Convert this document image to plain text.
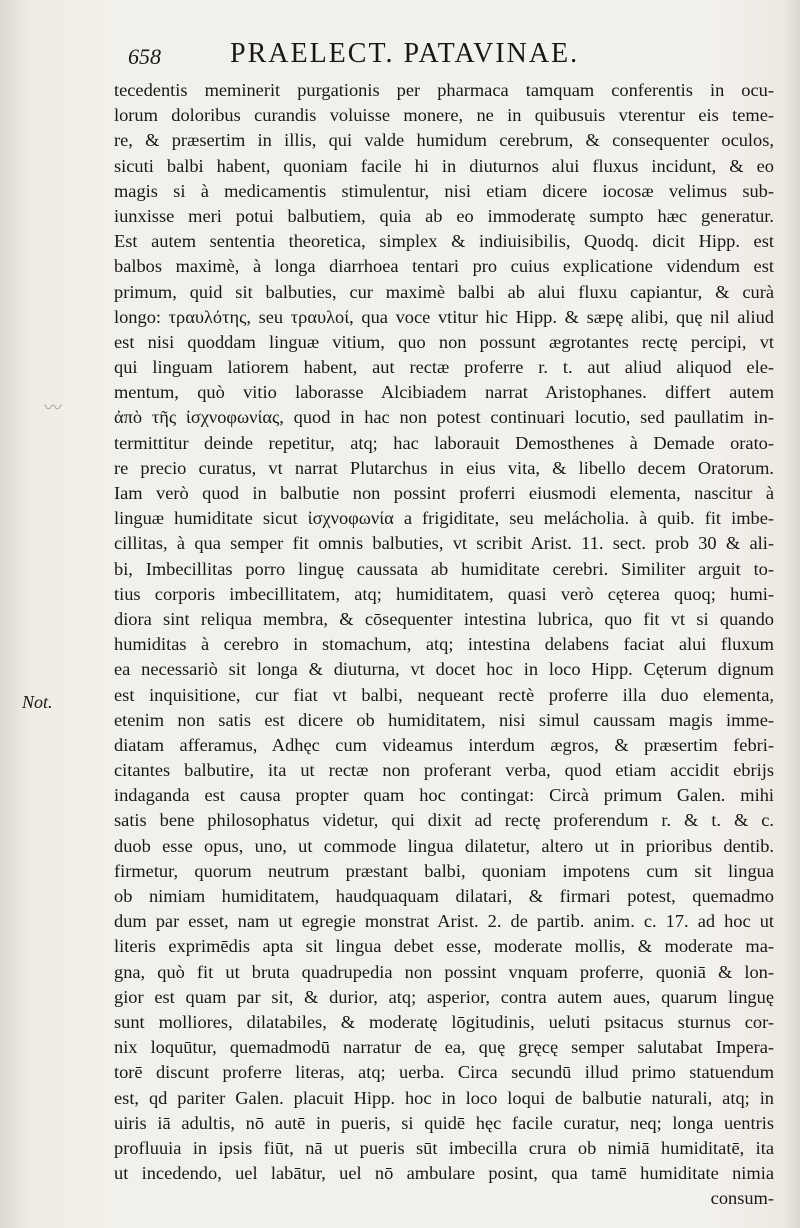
658 PRAELECT. PATAVINAE.
〰
Not.
tecedentis meminerit purgationis per pharmaca tamquam conferentis in ocu-
lorum doloribus curandis voluisse monere, ne in quibusuis vterentur eis teme-
re, & præsertim in illis, qui valde humidum cerebrum, & consequenter oculos,
sicuti balbi habent, quoniam facile hi in diuturnos alui fluxus incidunt, & eo
magis si à medicamentis stimulentur, nisi etiam dicere iocosæ velimus sub-
iunxisse meri potui balbutiem, quia ab eo immoderatę sumpto hæc generatur.
Est autem sententia theoretica, simplex & indiuisibilis, Quodq. dicit Hipp. est
balbos maximè, à longa diarrhoea tentari pro cuius explicatione videndum est
primum, quid sit balbuties, cur maximè balbi ab alui fluxu capiantur, & curà
longo: τραυλότης, seu τραυλοί, qua voce vtitur hic Hipp. & sæpę alibi, quę nil aliud
est nisi quoddam linguæ vitium, quo non possunt ægrotantes rectę percipi, vt
qui linguam latiorem habent, aut rectæ proferre r. t. aut aliud aliquod ele-
mentum, quò vitio laborasse Alcibiadem narrat Aristophanes. differt autem
ἀπὸ τῆς ἰσχνοφωνίας, quod in hac non potest continuari locutio, sed paullatim in-
termittitur deinde repetitur, atq; hac laborauit Demosthenes à Demade orato-
re precio curatus, vt narrat Plutarchus in eius vita, & libello decem Oratorum.
Iam verò quod in balbutie non possint proferri eiusmodi elementa, nascitur à
linguæ humiditate sicut ἰσχνοφωνία a frigiditate, seu melácholia. à quib. fit imbe-
cillitas, à qua semper fit omnis balbuties, vt scribit Arist. 11. sect. prob 30 & ali-
bi, Imbecillitas porro linguę caussata ab humiditate cerebri. Similiter arguit to-
tius corporis imbecillitatem, atq; humiditatem, quasi verò cęterea quoq; humi-
diora sint reliqua membra, & cōsequenter intestina lubrica, quo fit vt si quando
humiditas à cerebro in stomachum, atq; intestina delabens faciat alui fluxum
ea necessariò sit longa & diuturna, vt docet hoc in loco Hipp. Cęterum dignum
est inquisitione, cur fiat vt balbi, nequeant rectè proferre illa duo elementa,
etenim non satis est dicere ob humiditatem, nisi simul caussam magis imme-
diatam afferamus, Adhęc cum videamus interdum ægros, & præsertim febri-
citantes balbutire, ita ut rectæ non proferant verba, quod etiam accidit ebrijs
indaganda est causa propter quam hoc contingat: Circà primum Galen. mihi
satis bene philosophatus videtur, qui dixit ad rectę proferendum r. & t. & c.
duob esse opus, uno, ut commode lingua dilatetur, altero ut in prioribus dentib.
firmetur, quorum neutrum præstant balbi, quoniam impotens cum sit lingua
ob nimiam humiditatem, haudquaquam dilatari, & firmari potest, quemadmo
dum par esset, nam ut egregie monstrat Arist. 2. de partib. anim. c. 17. ad hoc ut
literis exprimēdis apta sit lingua debet esse, moderate mollis, & moderate ma-
gna, quò fit ut bruta quadrupedia non possint vnquam proferre, quoniā & lon-
gior est quam par sit, & durior, atq; asperior, contra autem aues, quarum linguę
sunt molliores, dilatabiles, & moderatę lōgitudinis, ueluti psitacus sturnus cor-
nix loquūtur, quemadmodū narratur de ea, quę gręcę semper salutabat Impera-
torē discunt proferre literas, atq; uerba. Circa secundū illud primo statuendum
est, qd pariter Galen. placuit Hipp. hoc in loco loqui de balbutie naturali, atq; in
uiris iā adultis, nō autē in pueris, si quidē hęc facile curatur, neq; longa uentris
profluuia in ipsis fiūt, nā ut pueris sūt imbecilla crura ob nimiā humiditatē, ita
ut incedendo, uel labātur, uel nō ambulare posint, qua tamē humiditate nimia
consum-
